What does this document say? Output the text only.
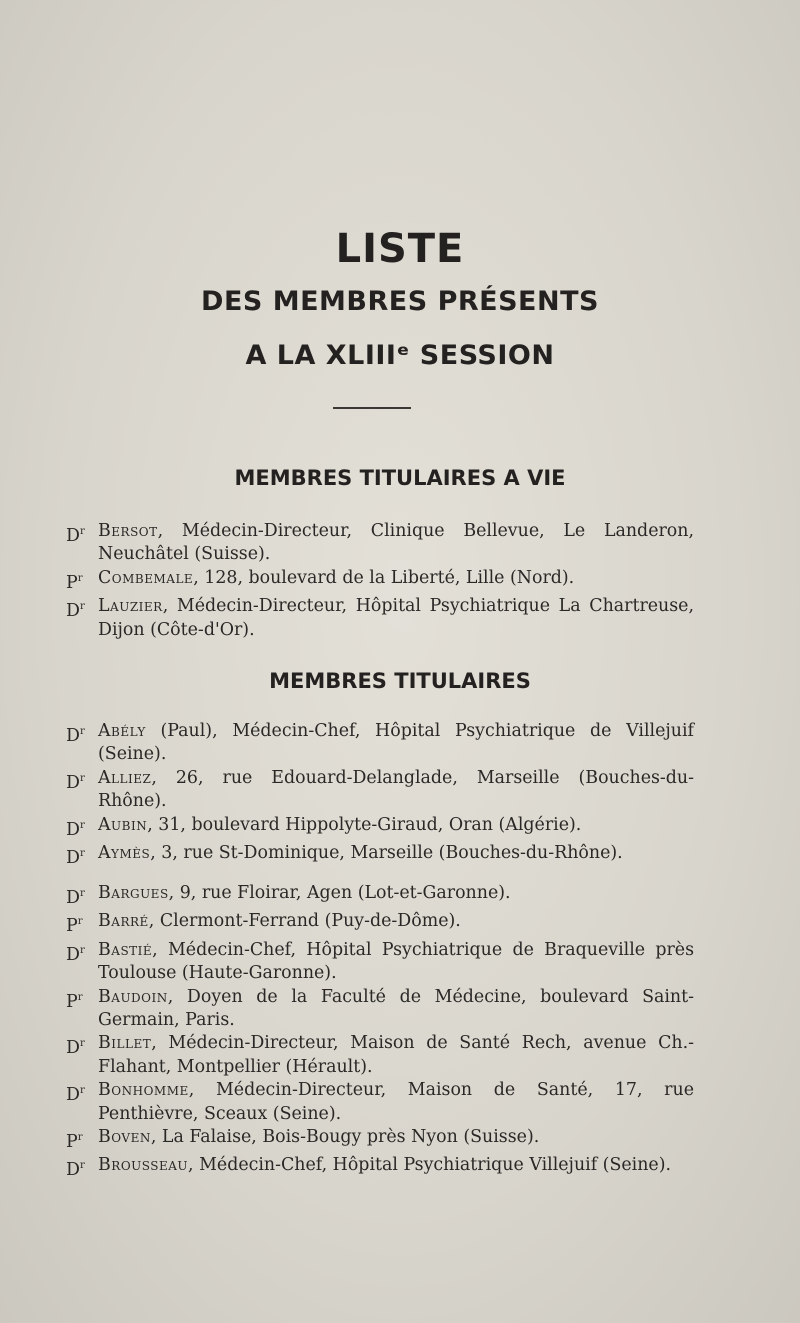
LISTE
DES MEMBRES PRÉSENTS
A LA XLIIIᵉ SESSION
MEMBRES TITULAIRES A VIE
$D^r$ Bersot, Médecin-Directeur, Clinique Bellevue, Le Landeron, Neuchâtel (Suisse).
$P^r$ Combemale, 128, boulevard de la Liberté, Lille (Nord).
$D^r$ Lauzier, Médecin-Directeur, Hôpital Psychiatrique La Chartreuse, Dijon (Côte-d'Or).
MEMBRES TITULAIRES
$D^r$ Abély (Paul), Médecin-Chef, Hôpital Psychiatrique de Villejuif (Seine).
$D^r$ Alliez, 26, rue Edouard-Delanglade, Marseille (Bouches-du-Rhône).
$D^r$ Aubin, 31, boulevard Hippolyte-Giraud, Oran (Algérie).
$D^r$ Aymès, 3, rue St-Dominique, Marseille (Bouches-du-Rhône).
$D^r$ Bargues, 9, rue Floirar, Agen (Lot-et-Garonne).
$P^r$ Barré, Clermont-Ferrand (Puy-de-Dôme).
$D^r$ Bastié, Médecin-Chef, Hôpital Psychiatrique de Braqueville près Toulouse (Haute-Garonne).
$P^r$ Baudoin, Doyen de la Faculté de Médecine, boulevard Saint-Germain, Paris.
$D^r$ Billet, Médecin-Directeur, Maison de Santé Rech, avenue Ch.-Flahant, Montpellier (Hérault).
$D^r$ Bonhomme, Médecin-Directeur, Maison de Santé, 17, rue Penthièvre, Sceaux (Seine).
$P^r$ Boven, La Falaise, Bois-Bougy près Nyon (Suisse).
$D^r$ Brousseau, Médecin-Chef, Hôpital Psychiatrique Villejuif (Seine).
